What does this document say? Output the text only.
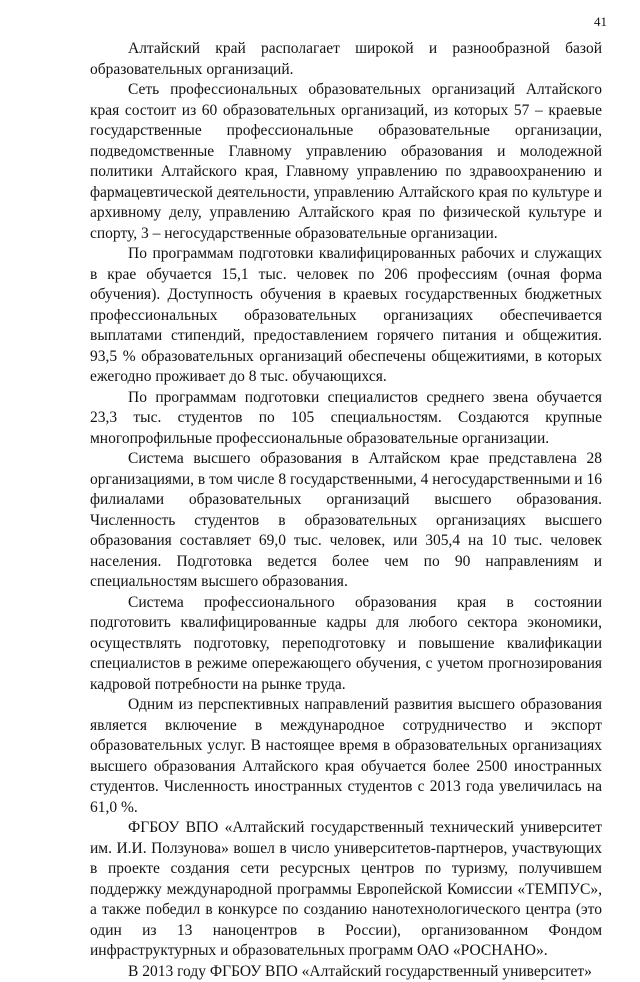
41

Алтайский край располагает широкой и разнообразной базой образовательных организаций.

Сеть профессиональных образовательных организаций Алтайского края состоит из 60 образовательных организаций, из которых 57 – краевые государственные профессиональные образовательные организации, подведомственные Главному управлению образования и молодежной политики Алтайского края, Главному управлению по здравоохранению и фармацевтической деятельности, управлению Алтайского края по культуре и архивному делу, управлению Алтайского края по физической культуре и спорту, 3 – негосударственные образовательные организации.

По программам подготовки квалифицированных рабочих и служащих в крае обучается 15,1 тыс. человек по 206 профессиям (очная форма обучения). Доступность обучения в краевых государственных бюджетных профессиональных образовательных организациях обеспечивается выплатами стипендий, предоставлением горячего питания и общежития. 93,5 % образовательных организаций обеспечены общежитиями, в которых ежегодно проживает до 8 тыс. обучающихся.

По программам подготовки специалистов среднего звена обучается 23,3 тыс. студентов по 105 специальностям. Создаются крупные многопрофильные профессиональные образовательные организации.

Система высшего образования в Алтайском крае представлена 28 организациями, в том числе 8 государственными, 4 негосударственными и 16 филиалами образовательных организаций высшего образования. Численность студентов в образовательных организациях высшего образования составляет 69,0 тыс. человек, или 305,4 на 10 тыс. человек населения. Подготовка ведется более чем по 90 направлениям и специальностям высшего образования.

Система профессионального образования края в состоянии подготовить квалифицированные кадры для любого сектора экономики, осуществлять подготовку, переподготовку и повышение квалификации специалистов в режиме опережающего обучения, с учетом прогнозирования кадровой потребности на рынке труда.

Одним из перспективных направлений развития высшего образования является включение в международное сотрудничество и экспорт образовательных услуг. В настоящее время в образовательных организациях высшего образования Алтайского края обучается более 2500 иностранных студентов. Численность иностранных студентов с 2013 года увеличилась на 61,0 %.

ФГБОУ ВПО «Алтайский государственный технический университет им. И.И. Ползунова» вошел в число университетов-партнеров, участвующих в проекте создания сети ресурсных центров по туризму, получившем поддержку международной программы Европейской Комиссии «ТЕМПУС», а также победил в конкурсе по созданию нанотехнологического центра (это один из 13 наноцентров в России), организованном Фондом инфраструктурных и образовательных программ ОАО «РОСНАНО».

В 2013 году ФГБОУ ВПО «Алтайский государственный университет»
